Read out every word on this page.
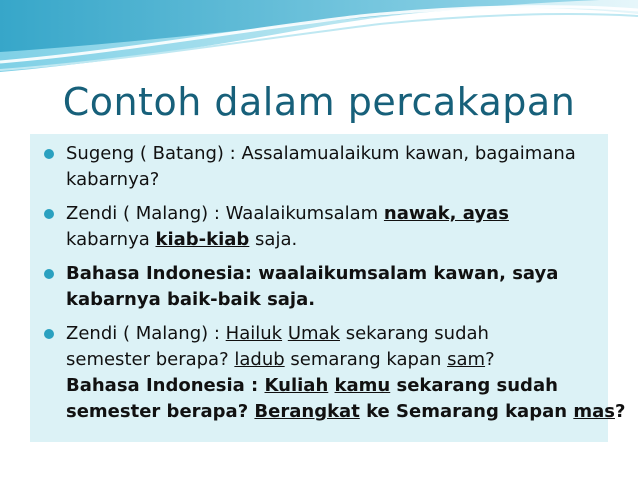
Contoh dalam percakapan
Sugeng ( Batang) : Assalamualaikum kawan, bagaimana
kabarnya?
Zendi ( Malang) : Waalaikumsalam nawak, ayas
kabarnya kiab-kiab saja.
Bahasa Indonesia: waalaikumsalam kawan, saya
kabarnya baik-baik saja.
Zendi ( Malang) : Hailuk Umak sekarang sudah
semester berapa? ladub semarang kapan sam?
Bahasa Indonesia : Kuliah kamu sekarang sudah
semester berapa? Berangkat ke Semarang kapan mas?
